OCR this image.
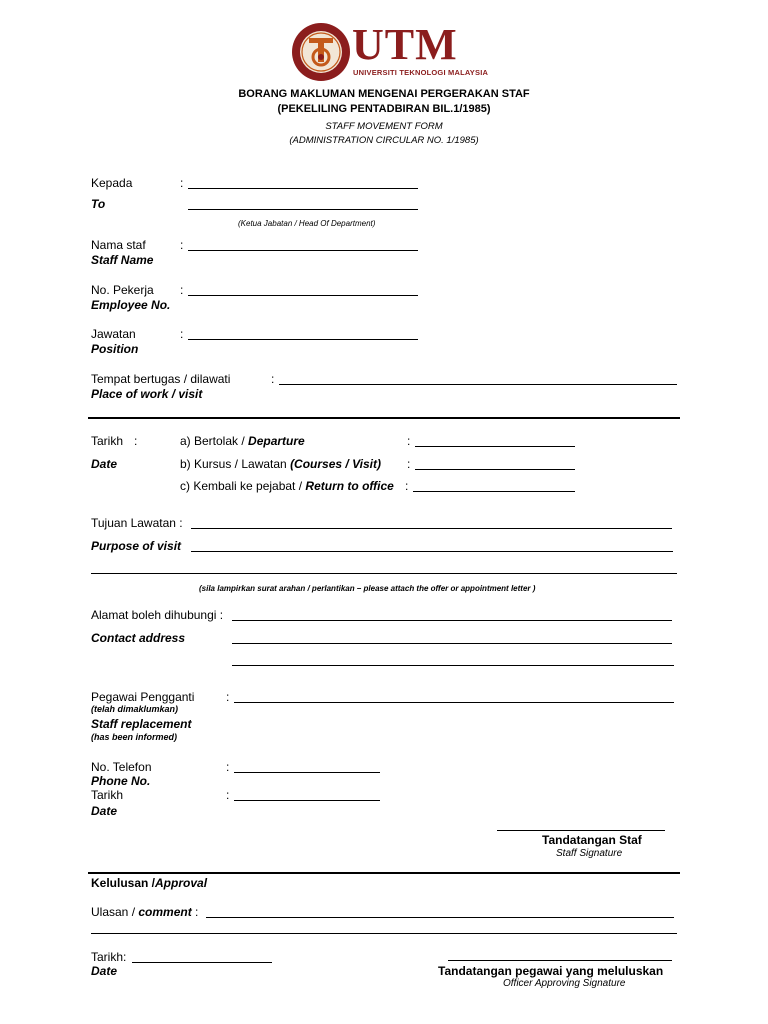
UTM
UNIVERSITI TEKNOLOGI MALAYSIA
BORANG MAKLUMAN MENGENAI PERGERAKAN STAF
(PEKELILING PENTADBIRAN BIL.1/1985)
STAFF MOVEMENT FORM
(ADMINISTRATION CIRCULAR NO. 1/1985)
Kepada	:
To
(Ketua Jabatan / Head Of Department)
Nama staf	:
Staff Name
No. Pekerja :
Employee No.
Jawatan	:
Position
Tempat bertugas / dilawati	:
Place of work / visit
Tarikh :
Date
a) Bertolak / Departure	:
b) Kursus / Lawatan (Courses / Visit) :
c) Kembali ke pejabat / Return to office :
Tujuan Lawatan :
Purpose of visit
(sila lampirkan surat arahan / perlantikan – please attach the offer or appointment letter )
Alamat boleh dihubungi :
Contact address
Pegawai Pengganti	:
(telah dimaklumkan)
Staff replacement
(has been informed)
No. Telefon	:
Phone No.
Tarikh	:
Date
Tandatangan Staf
Staff Signature
Kelulusan /Approval
Ulasan / comment :
Tarikh:
Date	Tandatangan pegawai yang meluluskan
Officer Approving Signature
